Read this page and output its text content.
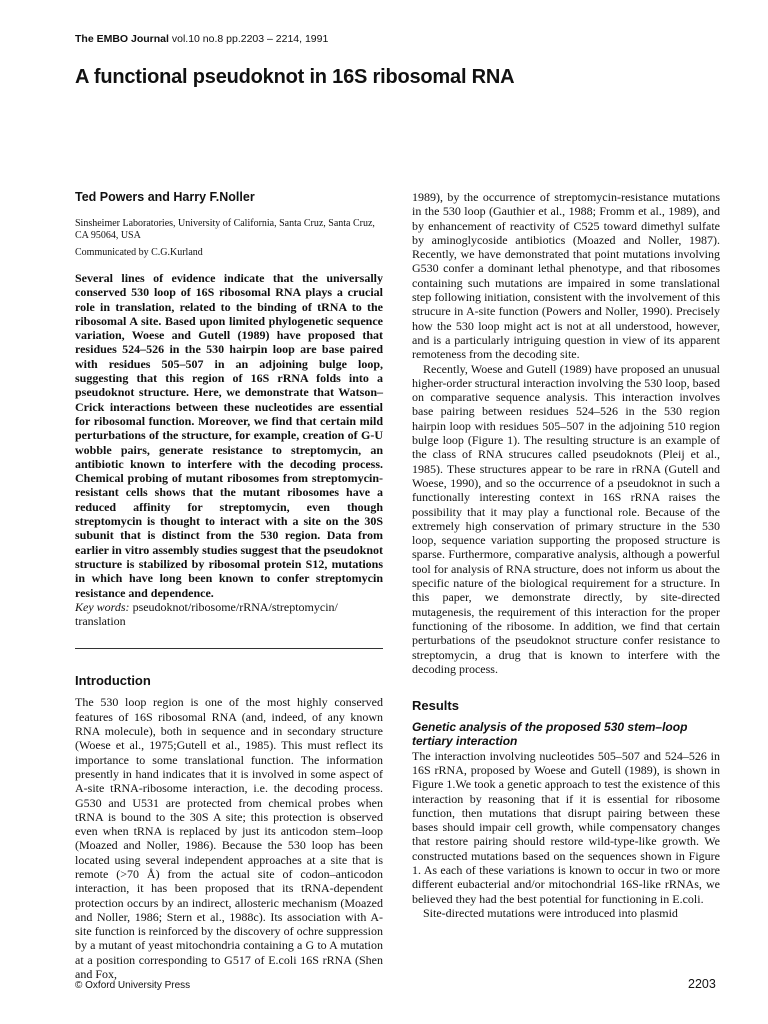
The EMBO Journal vol.10 no.8 pp.2203 – 2214, 1991
A functional pseudoknot in 16S ribosomal RNA

Ted Powers and Harry F.Noller

Sinsheimer Laboratories, University of California, Santa Cruz, Santa Cruz, CA 95064, USA

Communicated by C.G.Kurland

Several lines of evidence indicate that the universally conserved 530 loop of 16S ribosomal RNA plays a crucial role in translation, related to the binding of tRNA to the ribosomal A site. Based upon limited phylogenetic sequence variation, Woese and Gutell (1989) have proposed that residues 524–526 in the 530 hairpin loop are base paired with residues 505–507 in an adjoining bulge loop, suggesting that this region of 16S rRNA folds into a pseudoknot structure. Here, we demonstrate that Watson–Crick interactions between these nucleotides are essential for ribosomal function. Moreover, we find that certain mild perturbations of the structure, for example, creation of G-U wobble pairs, generate resistance to streptomycin, an antibiotic known to interfere with the decoding process. Chemical probing of mutant ribosomes from streptomycin-resistant cells shows that the mutant ribosomes have a reduced affinity for streptomycin, even though streptomycin is thought to interact with a site on the 30S subunit that is distinct from the 530 region. Data from earlier in vitro assembly studies suggest that the pseudoknot structure is stabilized by ribosomal protein S12, mutations in which have long been known to confer streptomycin resistance and dependence.

Key words: pseudoknot/ribosome/rRNA/streptomycin/ translation

Introduction

The 530 loop region is one of the most highly conserved features of 16S ribosomal RNA (and, indeed, of any known RNA molecule), both in sequence and in secondary structure (Woese et al., 1975;Gutell et al., 1985). This must reflect its importance to some translational function. The information presently in hand indicates that it is involved in some aspect of A-site tRNA-ribosome interaction, i.e. the decoding process. G530 and U531 are protected from chemical probes when tRNA is bound to the 30S A site; this protection is observed even when tRNA is replaced by just its anticodon stem–loop (Moazed and Noller, 1986). Because the 530 loop has been located using several independent approaches at a site that is remote (>70 Å) from the actual site of codon–anticodon interaction, it has been proposed that its tRNA-dependent protection occurs by an indirect, allosteric mechanism (Moazed and Noller, 1986; Stern et al., 1988c). Its association with A-site function is reinforced by the discovery of ochre suppression by a mutant of yeast mitochondria containing a G to A mutation at a position corresponding to G517 of E.coli 16S rRNA (Shen and Fox,

1989), by the occurrence of streptomycin-resistance mutations in the 530 loop (Gauthier et al., 1988; Fromm et al., 1989), and by enhancement of reactivity of C525 toward dimethyl sulfate by aminoglycoside antibiotics (Moazed and Noller, 1987). Recently, we have demonstrated that point mutations involving G530 confer a dominant lethal phenotype, and that ribosomes containing such mutations are impaired in some translational step following initiation, consistent with the involvement of this strucure in A-site function (Powers and Noller, 1990). Precisely how the 530 loop might act is not at all understood, however, and is a particularly intriguing question in view of its apparent remoteness from the decoding site.

Recently, Woese and Gutell (1989) have proposed an unusual higher-order structural interaction involving the 530 loop, based on comparative sequence analysis. This interaction involves base pairing between residues 524–526 in the 530 region hairpin loop with residues 505–507 in the adjoining 510 region bulge loop (Figure 1). The resulting structure is an example of the class of RNA strucures called pseudoknots (Pleij et al., 1985). These structures appear to be rare in rRNA (Gutell and Woese, 1990), and so the occurrence of a pseudoknot in such a functionally interesting context in 16S rRNA raises the possibility that it may play a functional role. Because of the extremely high conservation of primary structure in the 530 loop, sequence variation supporting the proposed structure is sparse. Furthermore, comparative analysis, although a powerful tool for analysis of RNA structure, does not inform us about the specific nature of the biological requirement for a structure. In this paper, we demonstrate directly, by site-directed mutagenesis, the requirement of this interaction for the proper functioning of the ribosome. In addition, we find that certain perturbations of the pseudoknot structure confer resistance to streptomycin, a drug that is known to interfere with the decoding process.

Results
Genetic analysis of the proposed 530 stem–loop tertiary interaction

The interaction involving nucleotides 505–507 and 524–526 in 16S rRNA, proposed by Woese and Gutell (1989), is shown in Figure 1.We took a genetic approach to test the existence of this interaction by reasoning that if it is essential for ribosome function, then mutations that disrupt pairing between these bases should impair cell growth, while compensatory changes that restore pairing should restore wild-type-like growth. We constructed mutations based on the sequences shown in Figure 1. As each of these variations is known to occur in two or more different eubacterial and/or mitochondrial 16S-like rRNAs, we believed they had the best potential for functioning in E.coli.

Site-directed mutations were introduced into plasmid

© Oxford University Press	2203
